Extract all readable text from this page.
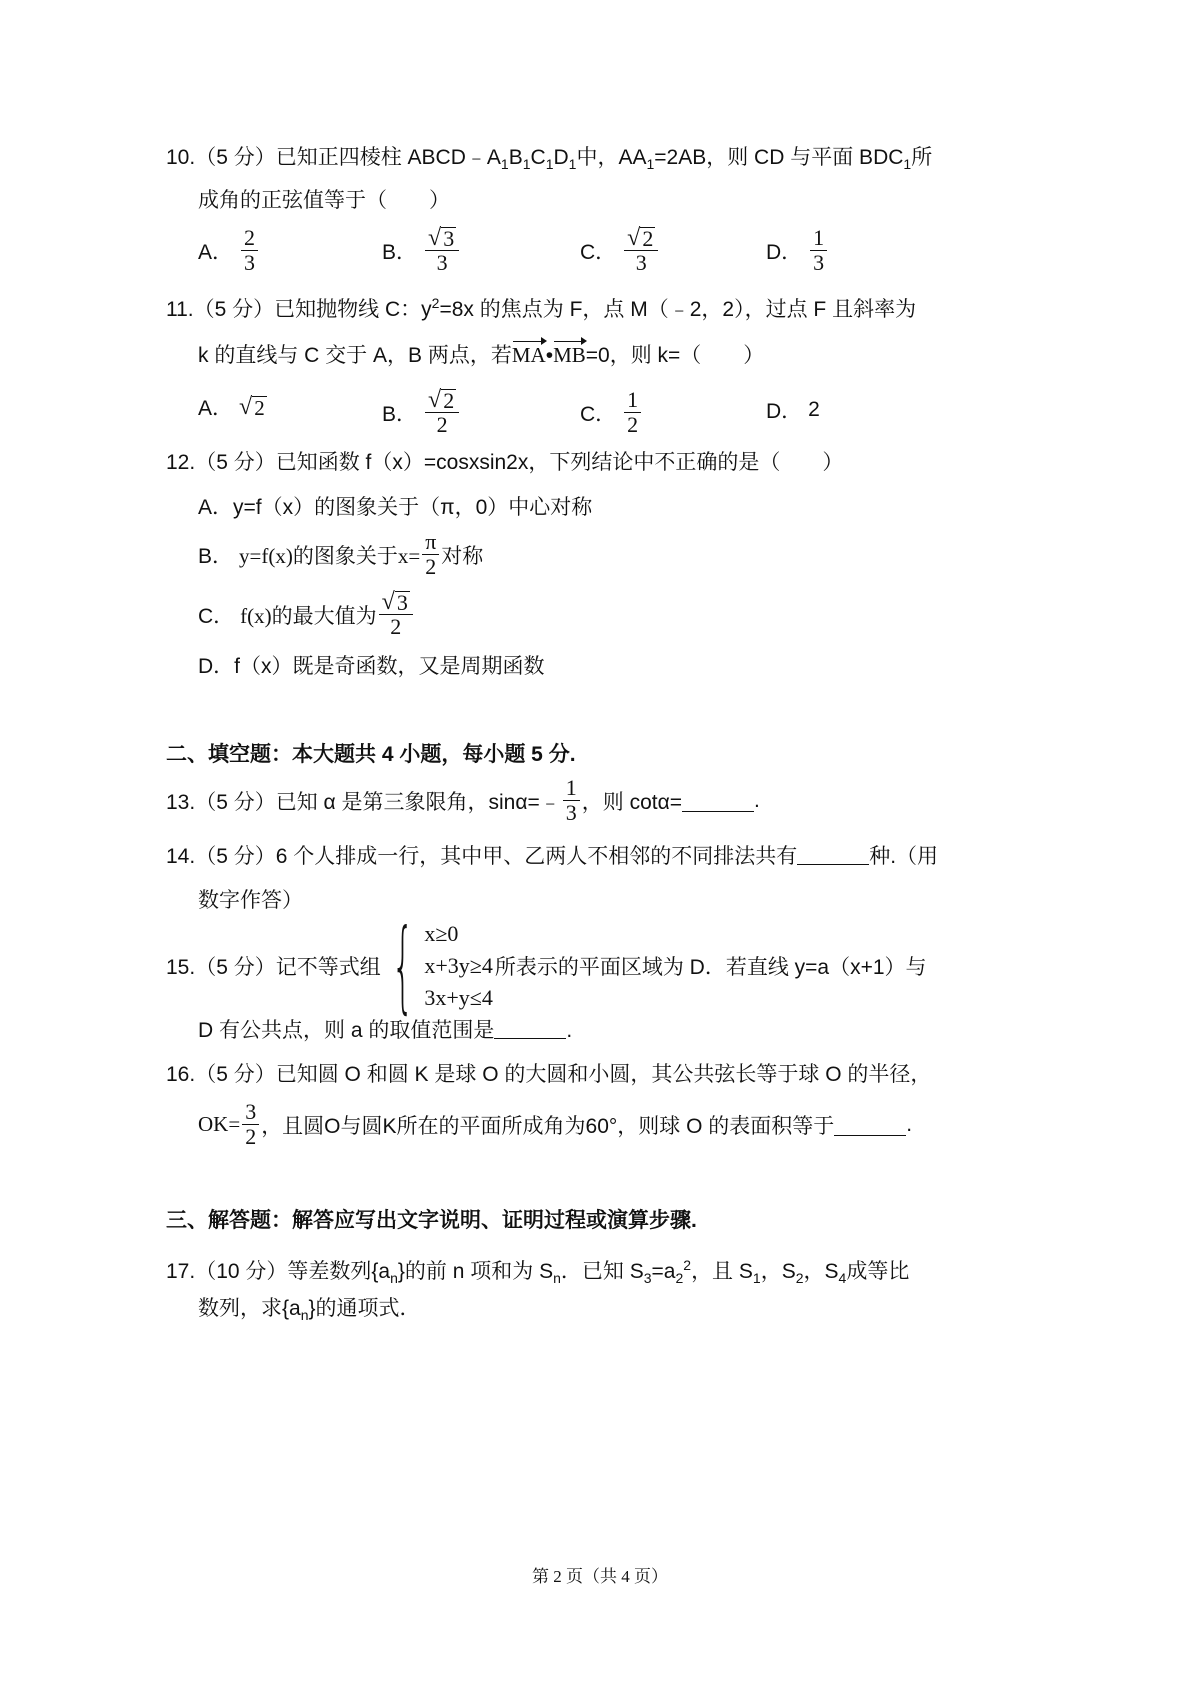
10.（5 分）已知正四棱柱 $ABCD﹣A_1B_1C_1D_1$中，$AA_1=2AB$，则 CD 与平面 $BDC_1$所
成角的正弦值等于（　　）
A． $\frac{2}{3}$	B． $\frac{√ 3}{3}$	C． $\frac{√ 2}{3}$	D． $\frac{1}{3}$
11.（5 分）已知抛物线 C：$y^2=8x$ 的焦点为 F，点 M（﹣2，2），过点 F 且斜率为
k 的直线与 C 交于 A，B 两点，若MA•MB=0，则 k=（　　）
A． √ 2	B． $\frac{√ 2}{2}$	C． $\frac{1}{2}$	D． 2
12.（5 分）已知函数 f（x）=cosxsin2x，下列结论中不正确的是（　　）
A．y=f（x）的图象关于（π，0）中心对称
B． y=f(x)的图象关于$x= \frac{\pi}{2}$ 对称
C． f(x)的最大值为 $\frac{√ 3}{2}$
D．f（x）既是奇函数，又是周期函数
二、填空题：本大题共 4 小题，每小题 5 分.
13.（5 分）已知 α 是第三象限角，sinα=﹣ $\frac{1}{3}$ ，则 cotα=	.
14.（5 分）6 个人排成一行，其中甲、乙两人不相邻的不同排法共有	种.（用
数字作答）
15.（5 分）记不等式组 { x≥0
x+3y≥4
3x+y≤4
所表示的平面区域为 D．若直线 y=a（x+1）与
D 有公共点，则 a 的取值范围是	.
16.（5 分）已知圆 O 和圆 K 是球 O 的大圆和小圆，其公共弦长等于球 O 的半径，
$OK= \frac{3}{2}$ ，且圆O与圆K所在的平面所成角为60°，则球 O 的表面积等于	.
三、解答题：解答应写出文字说明、证明过程或演算步骤.
17.（10 分）等差数列$\{a_n\}$的前 n 项和为 $S_n$．已知 $S_3=a_2^2$，且 $S_1$，$S_2$，$S_4$成等比
数列，求$\{a_n\}$的通项式．
第 2 页（共 4 页）
